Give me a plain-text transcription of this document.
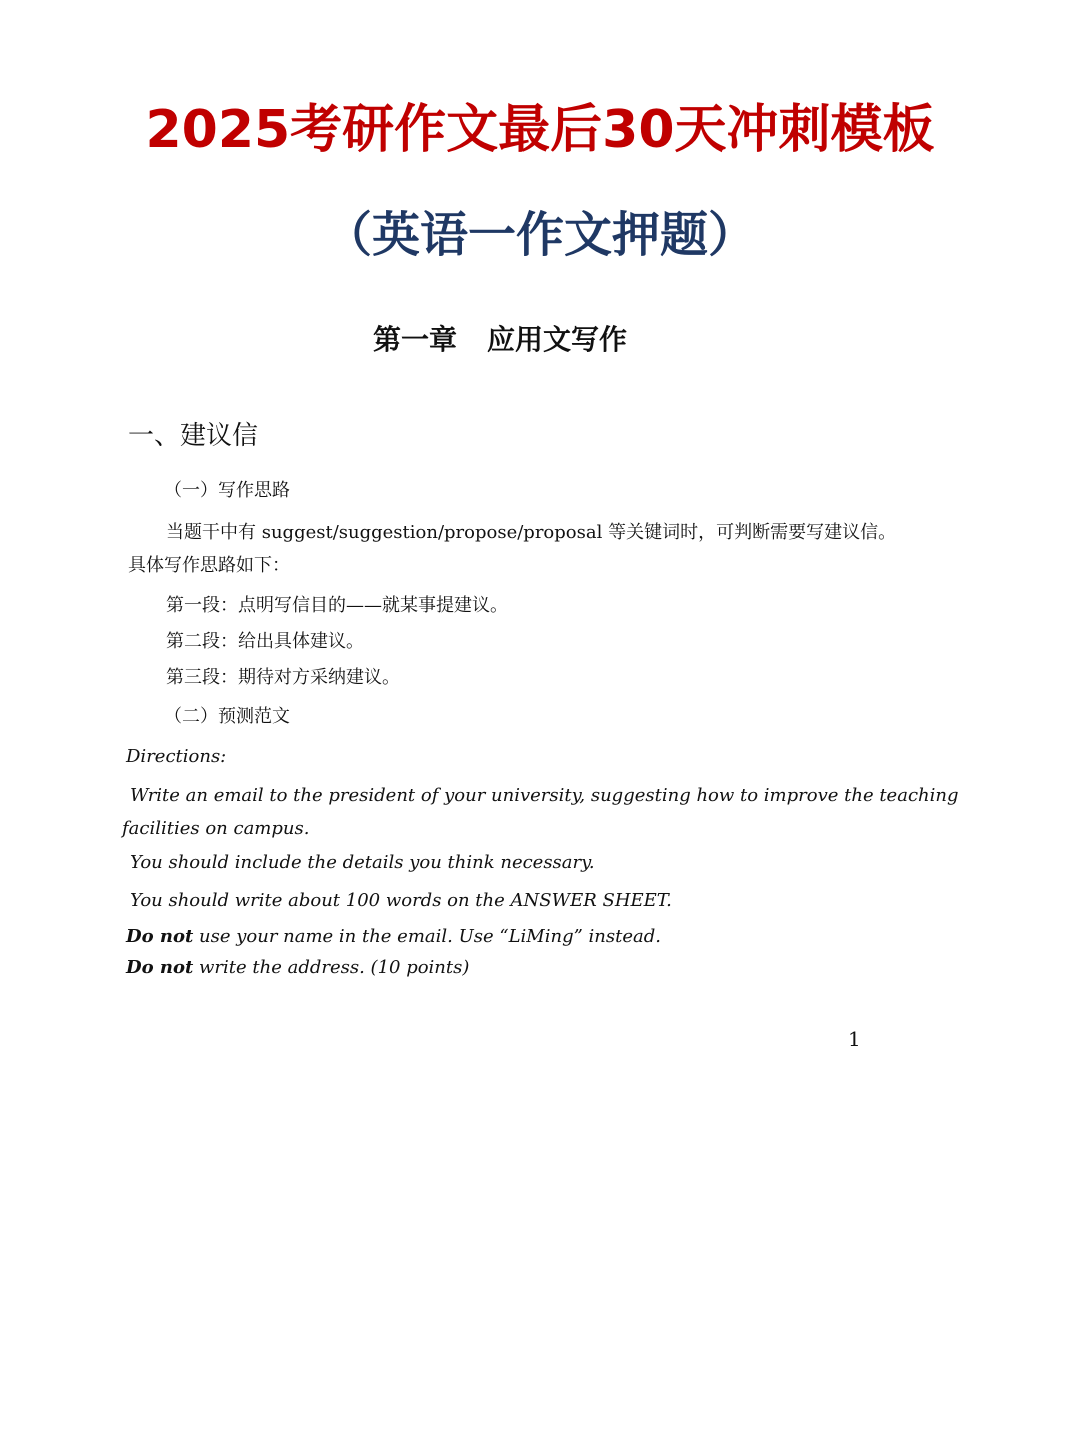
2025考研作文最后30天冲刺模板
（英语一作文押题）
第一章 应用文写作
一、建议信
（一）写作思路
当题干中有 suggest/suggestion/propose/proposal 等关键词时，可判断需要写建议信。
具体写作思路如下：
第一段：点明写信目的——就某事提建议。
第二段：给出具体建议。
第三段：期待对方采纳建议。
（二）预测范文
Directions:
Write an email to the president of your university, suggesting how to improve the teaching
facilities on campus.
You should include the details you think necessary.
You should write about 100 words on the ANSWER SHEET.
Do not use your name in the email. Use “LiMing” instead.
Do not write the address. (10 points)
1
